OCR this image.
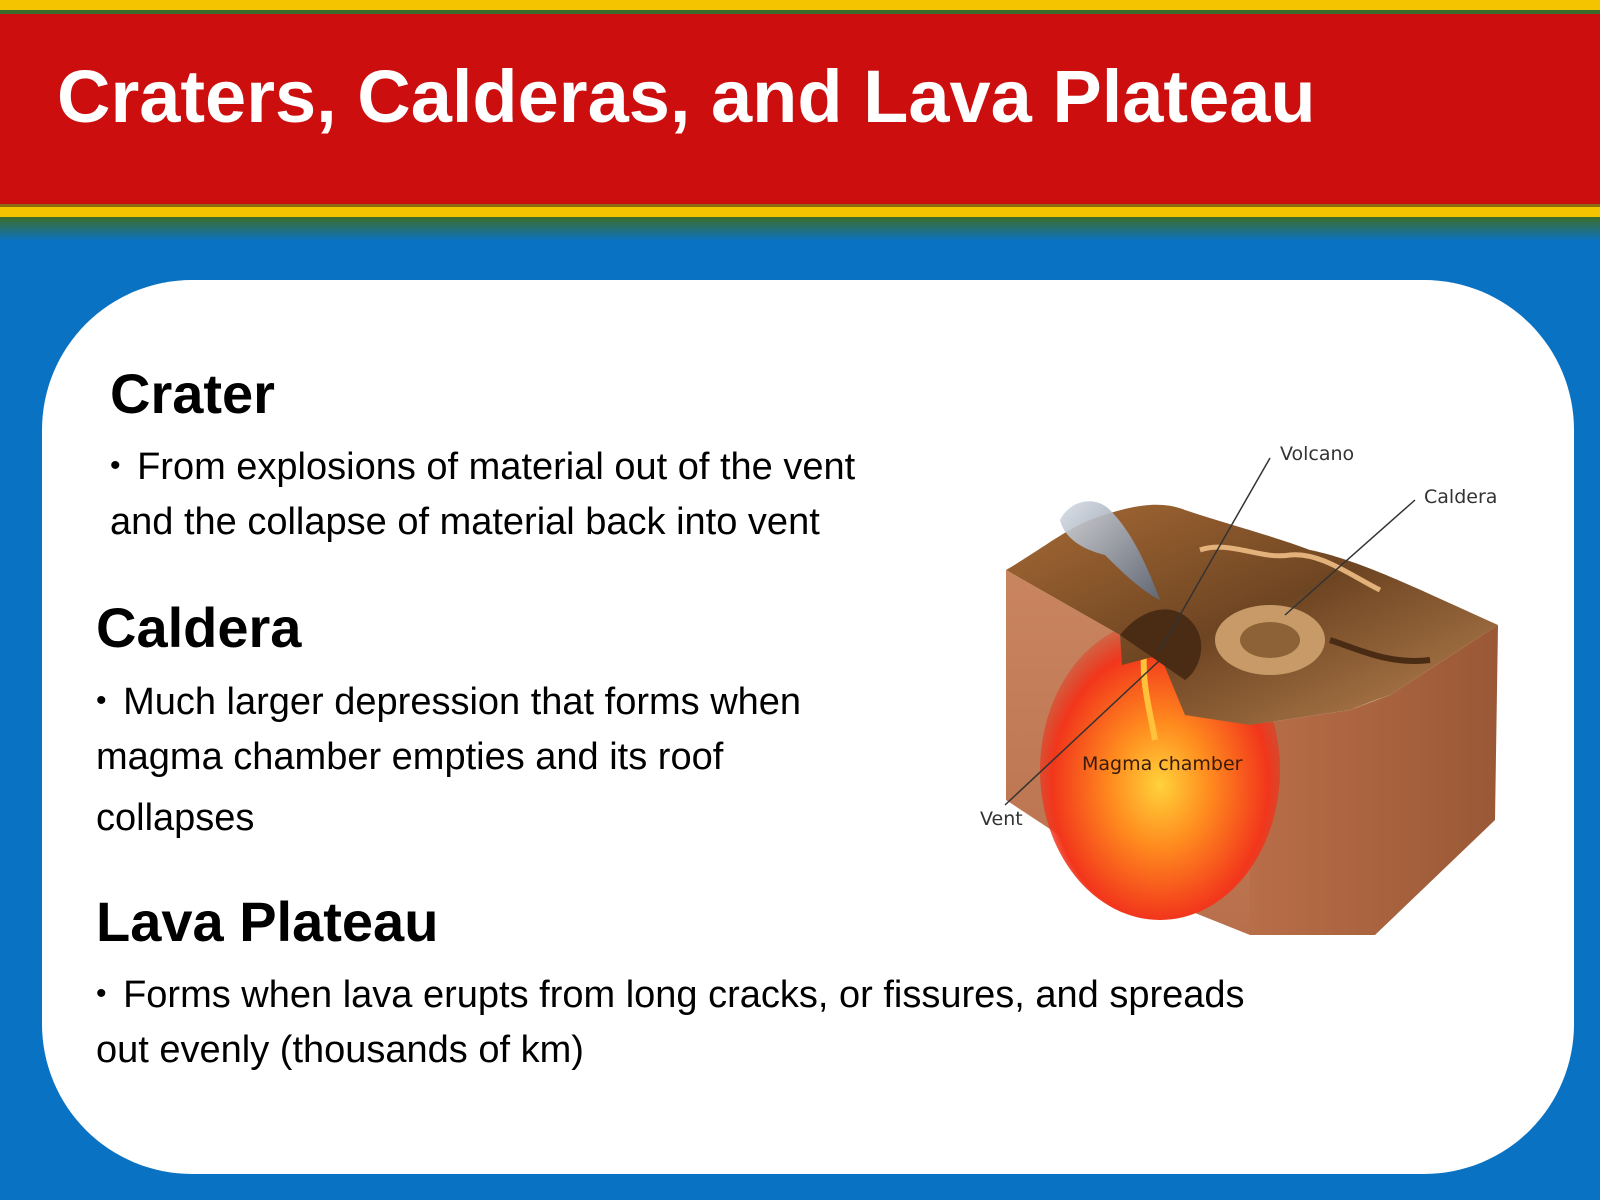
Craters, Calderas, and Lava Plateau
Crater

• From explosions of material out of the vent
and the collapse of material back into vent

Caldera

• Much larger depression that forms when
magma chamber empties and its roof
collapses

Lava Plateau

• Forms when lava erupts from long cracks, or fissures, and spreads
out evenly (thousands of km)

Volcano
Caldera
Magma chamber
Vent
